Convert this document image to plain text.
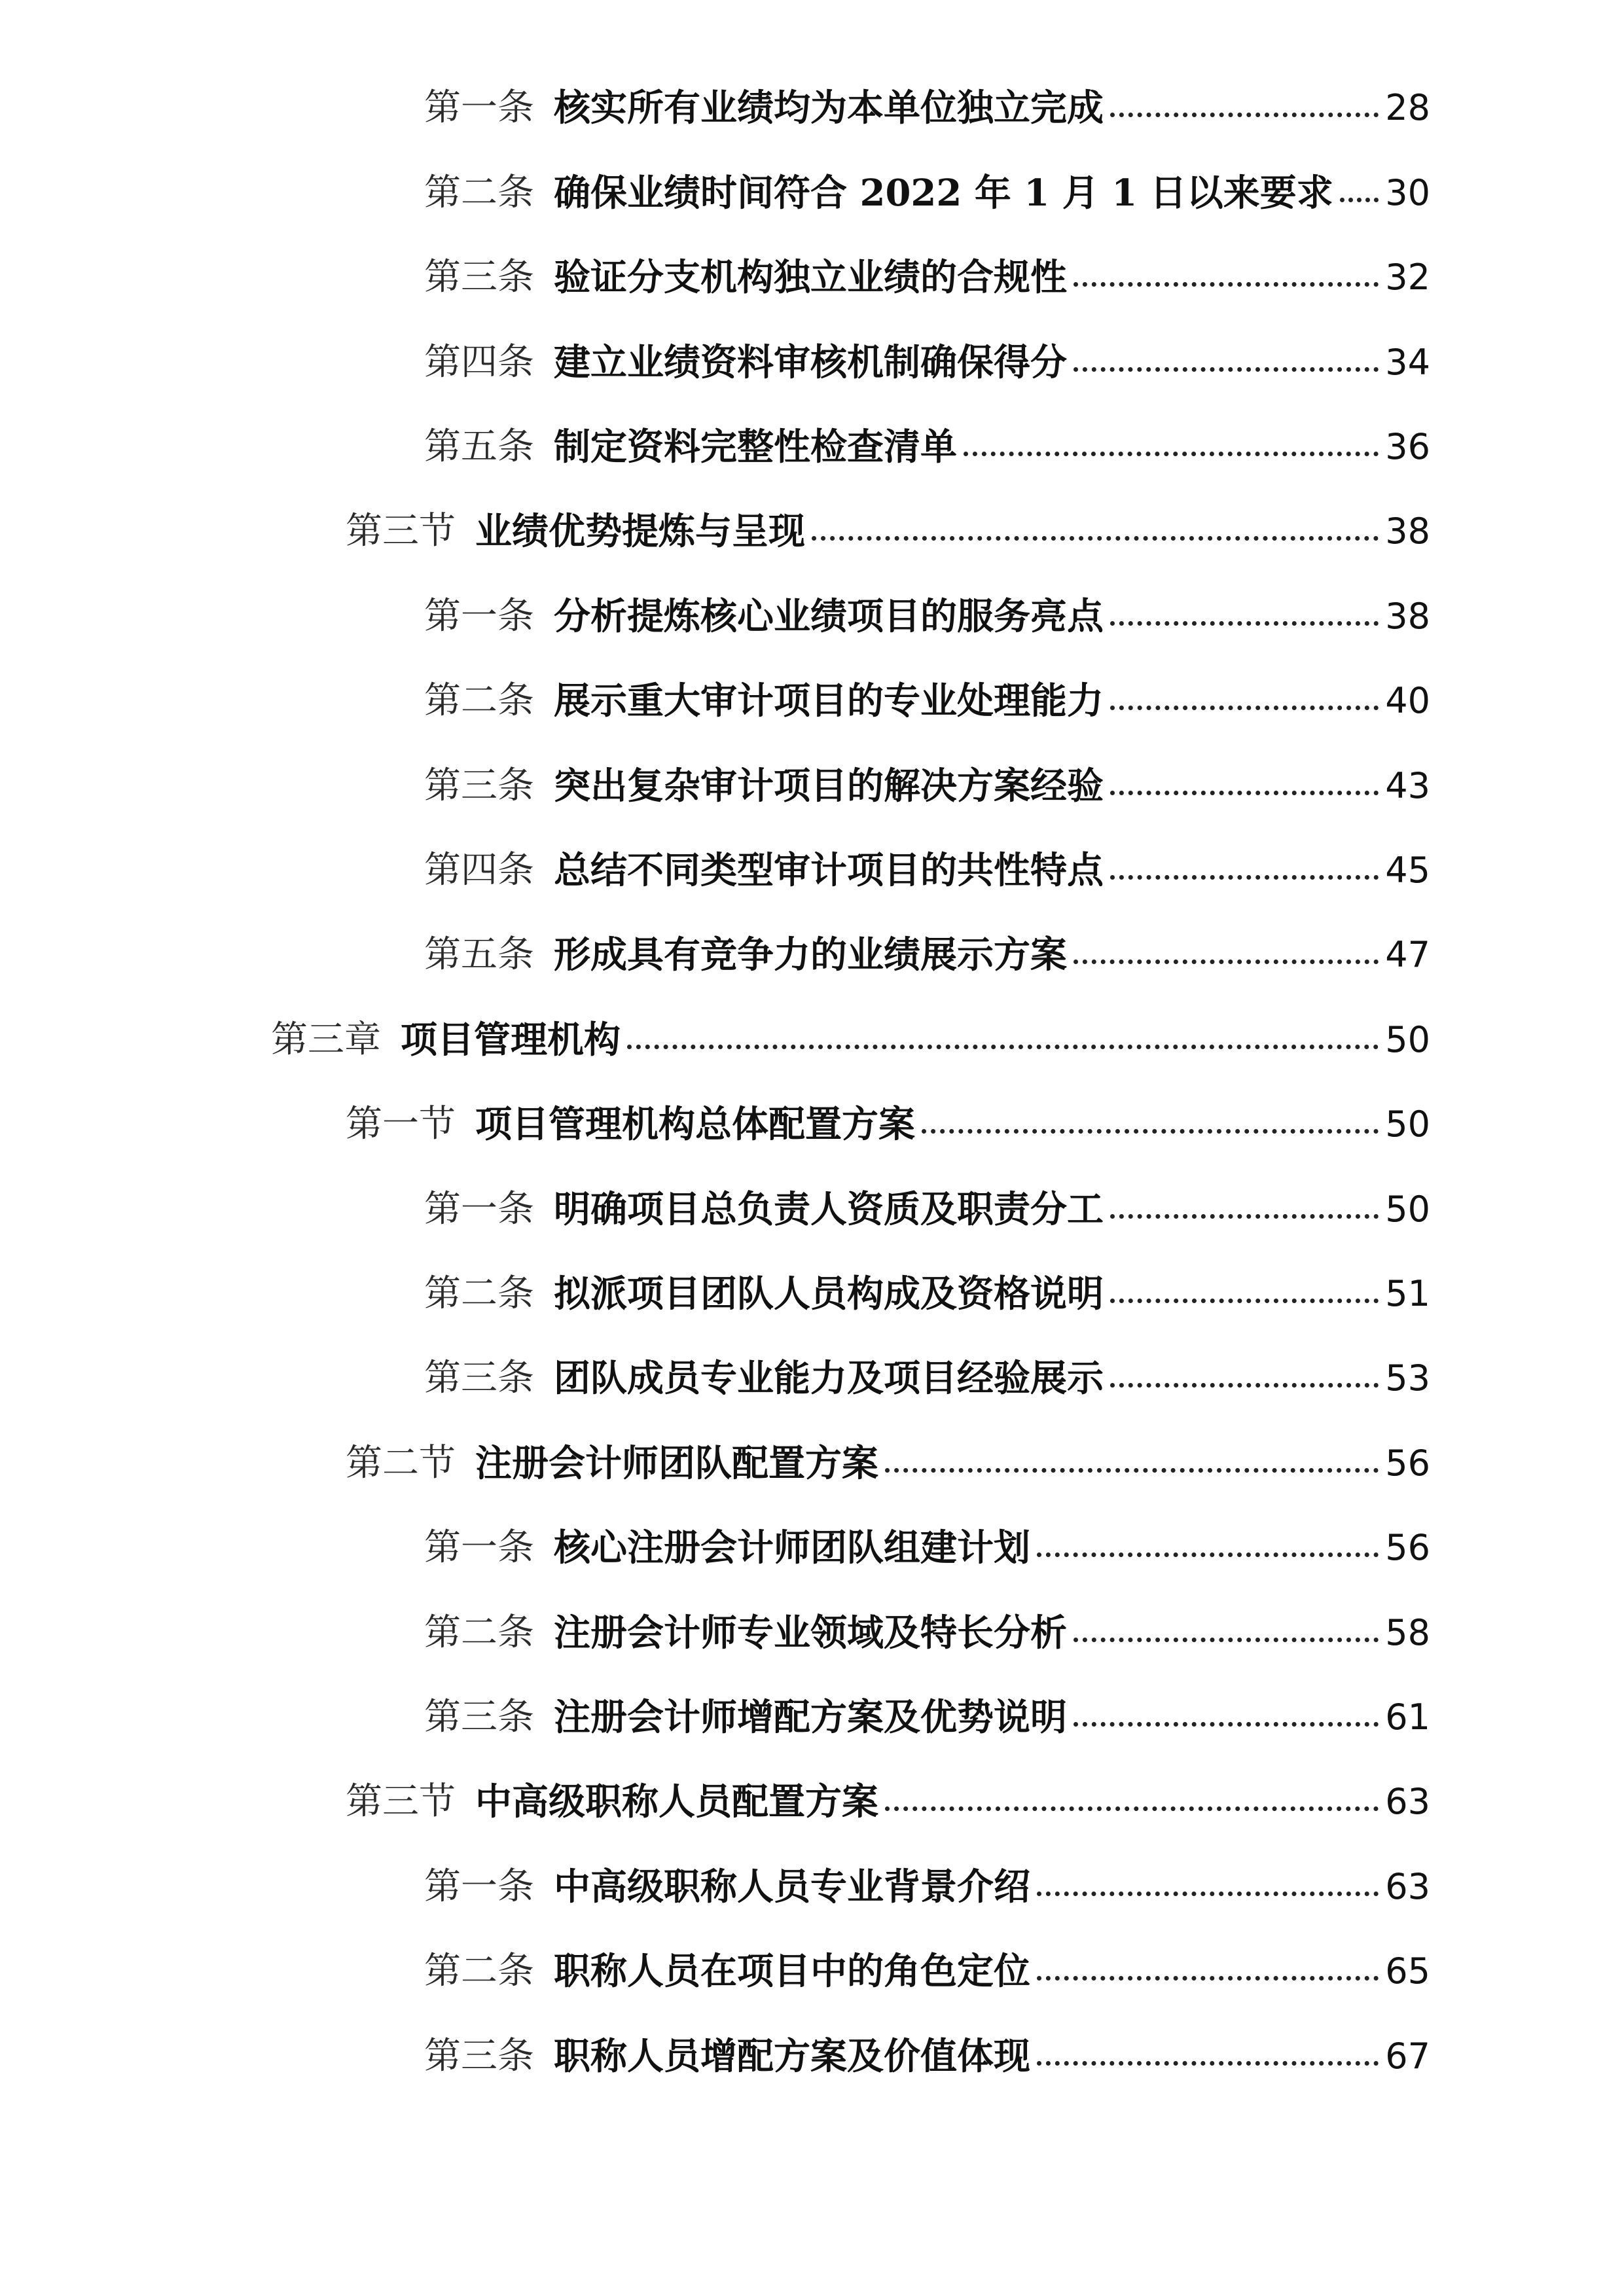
第一条 核实所有业绩均为本单位独立完成	28
第二条 确保业绩时间符合 2022 年 1 月 1 日以来要求 30
第三条 验证分支机构独立业绩的合规性	32
第四条 建立业绩资料审核机制确保得分	34
第五条 制定资料完整性检查清单	36
第三节 业绩优势提炼与呈现	38
第一条 分析提炼核心业绩项目的服务亮点	38
第二条 展示重大审计项目的专业处理能力	40
第三条 突出复杂审计项目的解决方案经验	43
第四条 总结不同类型审计项目的共性特点	45
第五条 形成具有竞争力的业绩展示方案	47
第三章 项目管理机构	50
第一节 项目管理机构总体配置方案	50
第一条 明确项目总负责人资质及职责分工	50
第二条 拟派项目团队人员构成及资格说明	51
第三条 团队成员专业能力及项目经验展示	53
第二节 注册会计师团队配置方案	56
第一条 核心注册会计师团队组建计划	56
第二条 注册会计师专业领域及特长分析	58
第三条 注册会计师增配方案及优势说明	61
第三节 中高级职称人员配置方案	63
第一条 中高级职称人员专业背景介绍	63
第二条 职称人员在项目中的角色定位	65
第三条 职称人员增配方案及价值体现	67
